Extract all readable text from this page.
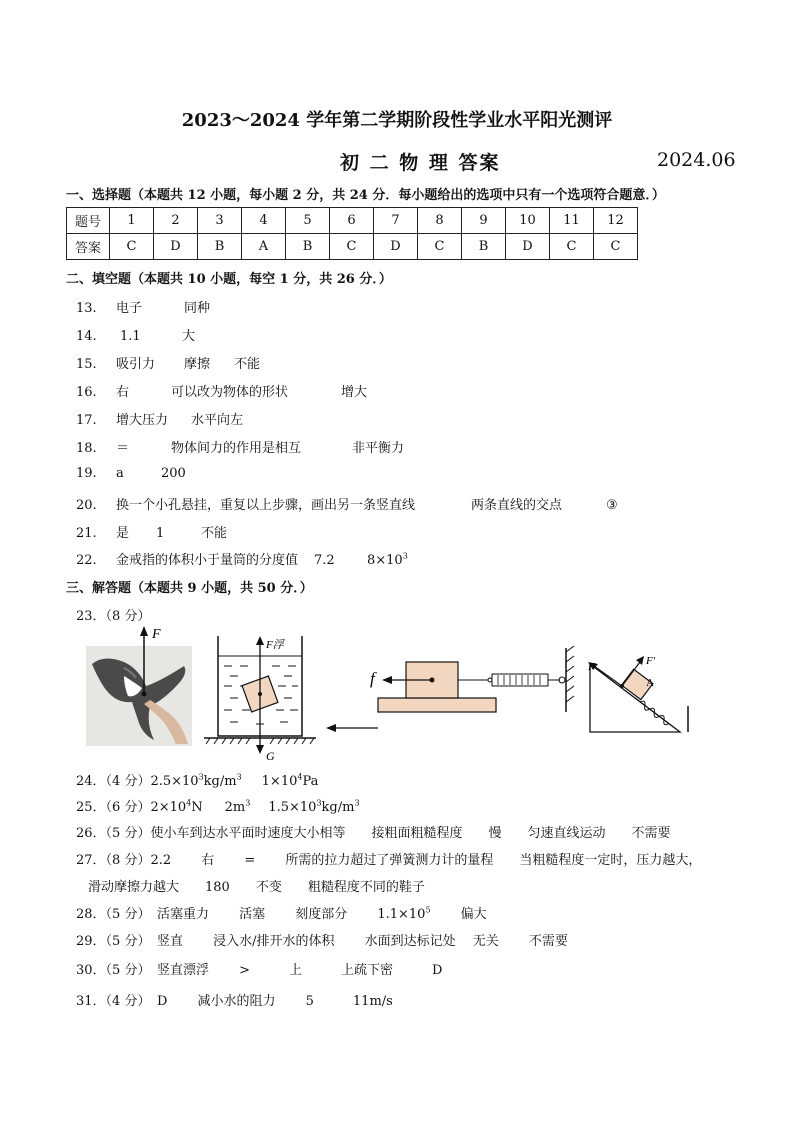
2023～2024 学年第二学期阶段性学业水平阳光测评
初 二 物 理 答案	2024.06
一、选择题（本题共 12 小题，每小题 2 分，共 24 分．每小题给出的选项中只有一个选项符合题意．）
题号	1	2	3	4	5	6	7	8	9	10	11	12
答案	C	D	B	A	B	C	D	C	B	D	C	C
二、填空题（本题共 10 小题，每空 1 分，共 26 分．）
13. 电子	同种
14. 1.1	大
15. 吸引力 摩擦 不能
16. 右	可以改为物体的形状	增大
17. 增大压力 水平向左
18. ＝	物体间力的作用是相互	非平衡力
19. a	200
20. 换一个小孔悬挂，重复以上步骤，画出另一条竖直线	两条直线的交点	③
21. 是 1	不能
22. 金戒指的体积小于量筒的分度值 7.2 $8\times 10^3$
三、解答题（本题共 9 小题，共 50 分．）
23．（8 分）
F
F浮
G
f
F	F′
A
24．（4 分）$2.5\times 10^3kg/m^3$ $1\times 10^4Pa$
25．（6 分）$2\times 10^4N$ $2m^3$ $1.5\times 10^3kg/m^3$
26．（5 分）使小车到达水平面时速度大小相等　　接粗面粗糙程度　　慢　　匀速直线运动　　不需要
27．（8 分）2.2　　 右　　 =　　 所需的拉力超过了弹簧测力计的量程　　当粗糙程度一定时，压力越大，
滑动摩擦力越大　　180　　不变　　粗糙程度不同的鞋子
28．（5 分）　活塞重力　　 活塞　　 刻度部分　　 $1.1\times 10^5$　　 偏大
29．（5 分）　竖直　　 浸入水/排开水的体积　　 水面到达标记处　 无关　　 不需要
30．（5 分）　竖直漂浮　　 >　　　上　　　上疏下密　　　D
31．（4 分）　D　　 减小水的阻力　　 5　　　11m/s
